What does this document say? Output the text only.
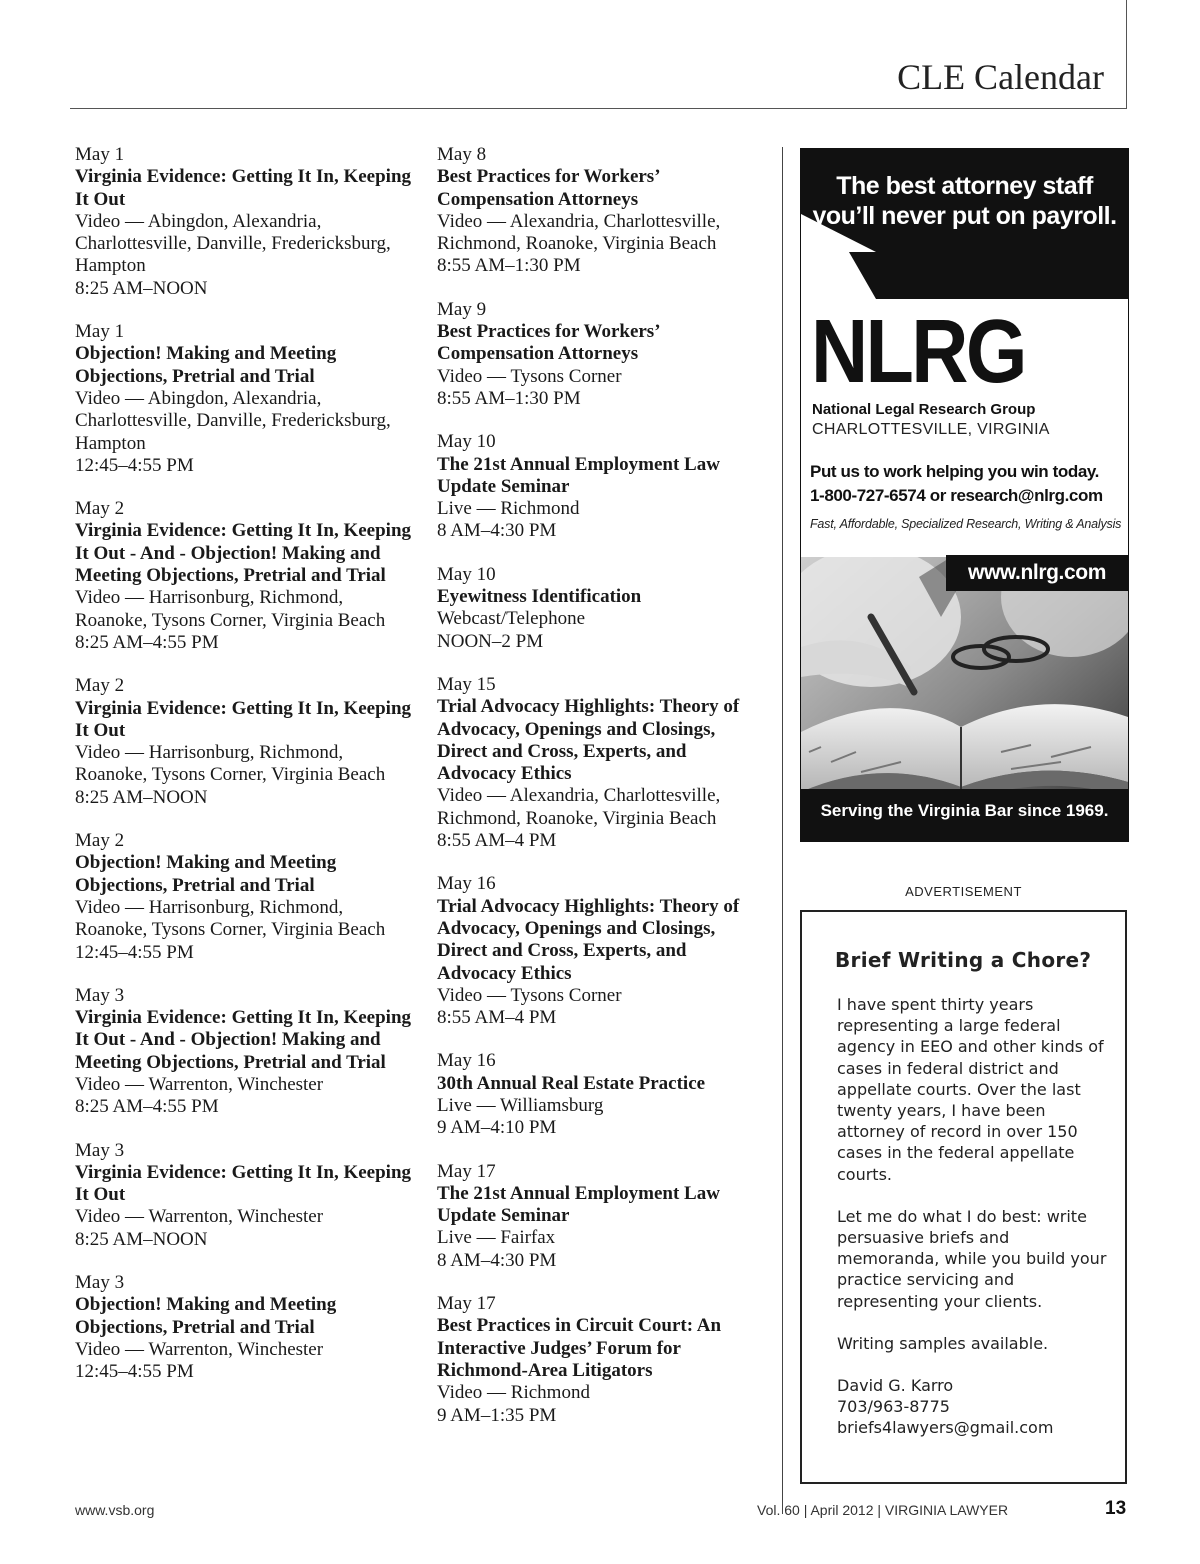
CLE Calendar
May 1
Virginia Evidence: Getting It In, Keeping It Out
Video — Abingdon, Alexandria, Charlottesville, Danville, Fredericksburg, Hampton
8:25 AM–NOON
May 1
Objection! Making and Meeting Objections, Pretrial and Trial
Video — Abingdon, Alexandria, Charlottesville, Danville, Fredericksburg, Hampton
12:45–4:55 PM
May 2
Virginia Evidence: Getting It In, Keeping It Out - And - Objection! Making and Meeting Objections, Pretrial and Trial
Video — Harrisonburg, Richmond, Roanoke, Tysons Corner, Virginia Beach
8:25 AM–4:55 PM
May 2
Virginia Evidence: Getting It In, Keeping It Out
Video — Harrisonburg, Richmond, Roanoke, Tysons Corner, Virginia Beach
8:25 AM–NOON
May 2
Objection! Making and Meeting Objections, Pretrial and Trial
Video — Harrisonburg, Richmond, Roanoke, Tysons Corner, Virginia Beach
12:45–4:55 PM
May 3
Virginia Evidence: Getting It In, Keeping It Out - And - Objection! Making and Meeting Objections, Pretrial and Trial
Video — Warrenton, Winchester
8:25 AM–4:55 PM
May 3
Virginia Evidence: Getting It In, Keeping It Out
Video — Warrenton, Winchester
8:25 AM–NOON
May 3
Objection! Making and Meeting Objections, Pretrial and Trial
Video — Warrenton, Winchester
12:45–4:55 PM
May 8
Best Practices for Workers’ Compensation Attorneys
Video — Alexandria, Charlottesville, Richmond, Roanoke, Virginia Beach
8:55 AM–1:30 PM
May 9
Best Practices for Workers’ Compensation Attorneys
Video — Tysons Corner
8:55 AM–1:30 PM
May 10
The 21st Annual Employment Law Update Seminar
Live — Richmond
8 AM–4:30 PM
May 10
Eyewitness Identification
Webcast/Telephone
NOON–2 PM
May 15
Trial Advocacy Highlights: Theory of Advocacy, Openings and Closings, Direct and Cross, Experts, and Advocacy Ethics
Video — Alexandria, Charlottesville, Richmond, Roanoke, Virginia Beach
8:55 AM–4 PM
May 16
Trial Advocacy Highlights: Theory of Advocacy, Openings and Closings, Direct and Cross, Experts, and Advocacy Ethics
Video — Tysons Corner
8:55 AM–4 PM
May 16
30th Annual Real Estate Practice
Live — Williamsburg
9 AM–4:10 PM
May 17
The 21st Annual Employment Law Update Seminar
Live — Fairfax
8 AM–4:30 PM
May 17
Best Practices in Circuit Court: An Interactive Judges’ Forum for Richmond-Area Litigators
Video — Richmond
9 AM–1:35 PM
The best attorney staff
you’ll never put on payroll.
NLRG
National Legal Research Group
CHARLOTTESVILLE, VIRGINIA
Put us to work helping you win today.
1-800-727-6574 or research@nlrg.com
Fast, Affordable, Specialized Research, Writing & Analysis
www.nlrg.com
Serving the Virginia Bar since 1969.
ADVERTISEMENT
Brief Writing a Chore?

I have spent thirty years representing a large federal agency in EEO and other kinds of cases in federal district and appellate courts. Over the last twenty years, I have been attorney of record in over 150 cases in the federal appellate courts.

Let me do what I do best: write persuasive briefs and memoranda, while you build your practice servicing and representing your clients.

Writing samples available.

David G. Karro
703/963-8775
briefs4lawyers@gmail.com

www.vsb.org	Vol. 60 | April 2012 | VIRGINIA LAWYER	13
